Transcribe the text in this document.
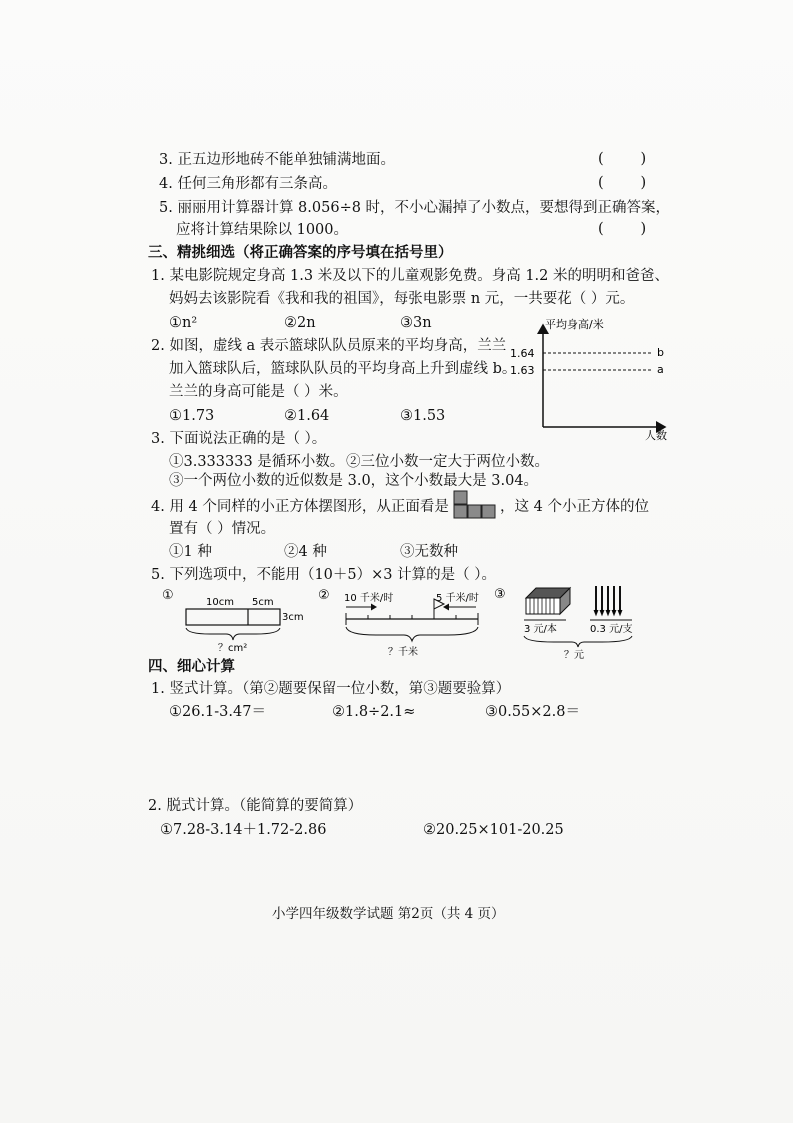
3. 正五边形地砖不能单独铺满地面。	(        )
4. 任何三角形都有三条高。	(        )
5. 丽丽用计算器计算 8.056÷8 时，不小心漏掉了小数点，要想得到正确答案，
应将计算结果除以 1000。	(        )
三、精挑细选（将正确答案的序号填在括号里）
1. 某电影院规定身高 1.3 米及以下的儿童观影免费。身高 1.2 米的明明和爸爸、
妈妈去该影院看《我和我的祖国》，每张电影票 n 元，一共要花（ ）元。
①n²	②2n	③3n
2. 如图，虚线 a 表示篮球队队员原来的平均身高，兰兰
加入篮球队后，篮球队队员的平均身高上升到虚线 b。
兰兰的身高可能是（ ）米。
①1.73	②1.64	③1.53
平均身高/米
人数
1.64
1.63
b
a
3. 下面说法正确的是（ ）。
①3.333333 是循环小数。 ②三位小数一定大于两位小数。
③一个两位小数的近似数是 3.0，这个小数最大是 3.04。
4. 用 4 个同样的小正方体摆图形，从正面看是	，这 4 个小正方体的位
置有（ ）情况。
①1 种	②4 种	③无数种
5. 下列选项中，不能用（10＋5）×3 计算的是（ ）。
①	10cm 5cm
3cm
？cm²
② 10 千米/时	5 千米/时
？千米
③
3 元/本	0.3 元/支
？元
四、细心计算
1. 竖式计算。（第②题要保留一位小数，第③题要验算）
①26.1-3.47＝	②1.8÷2.1≈	③0.55×2.8＝
2. 脱式计算。（能简算的要简算）
①7.28-3.14＋1.72-2.86	②20.25×101-20.25
小学四年级数学试题 第2页（共 4 页）
